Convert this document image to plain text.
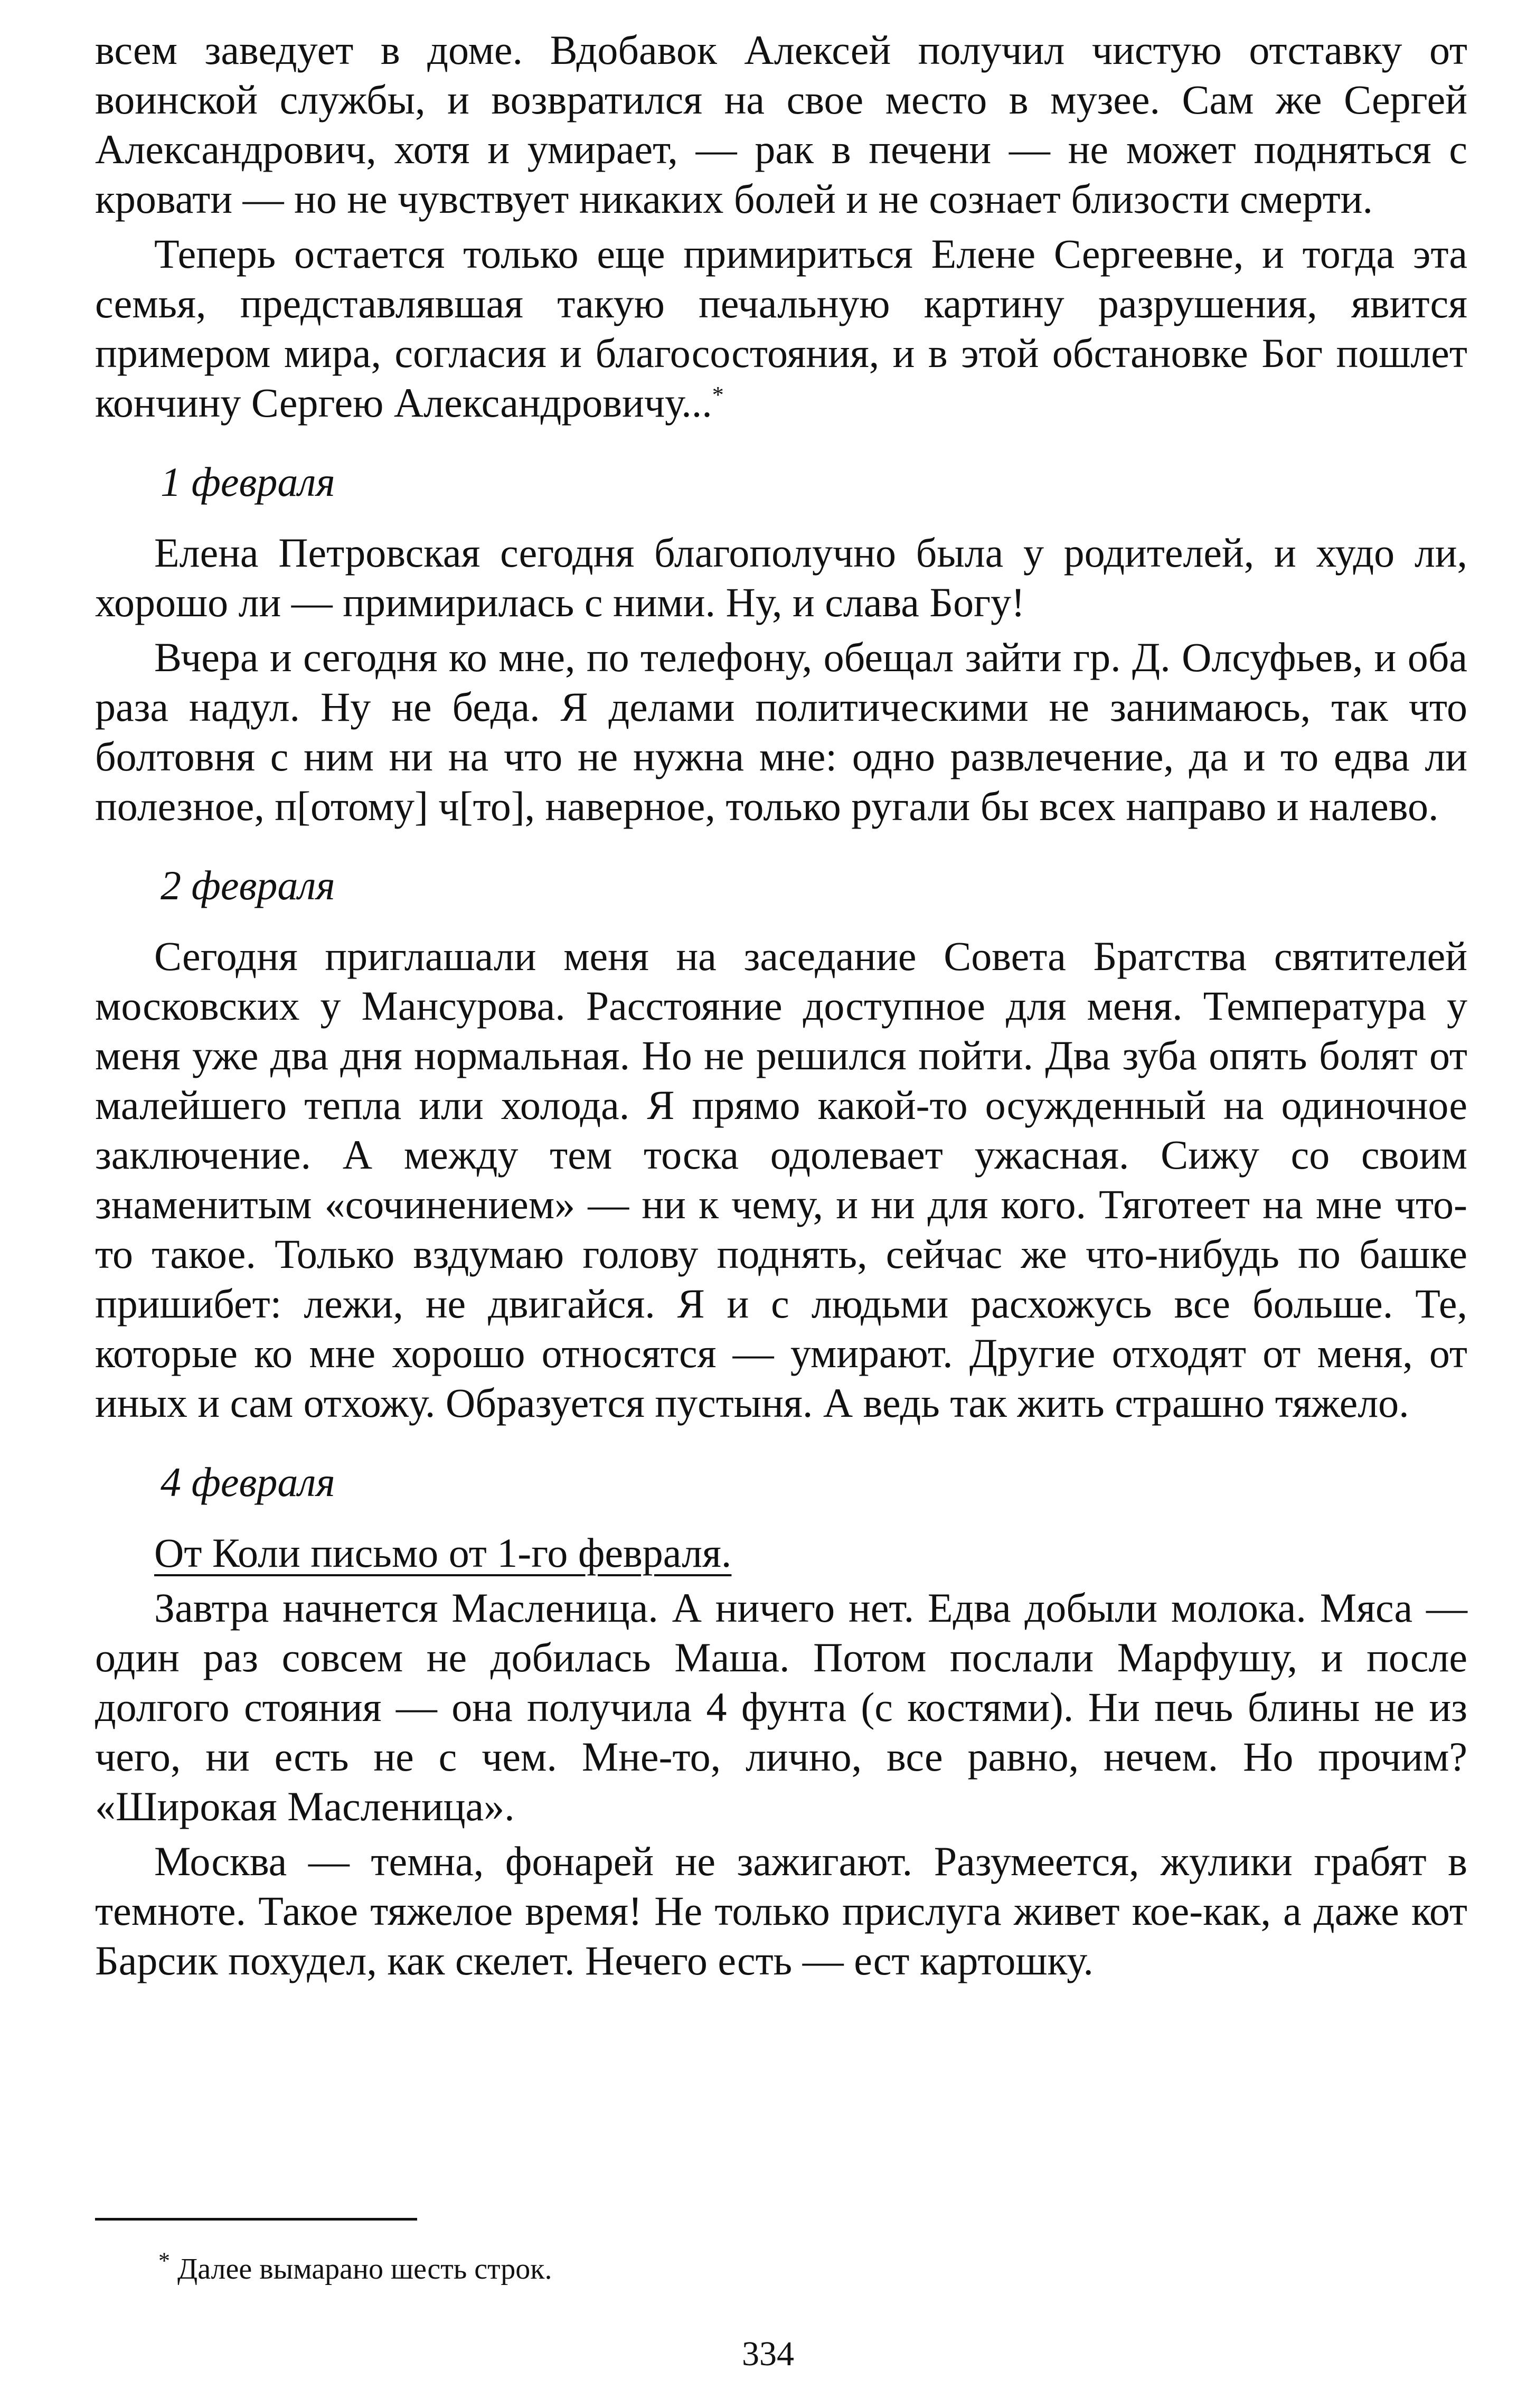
всем заведует в доме. Вдобавок Алексей получил чистую отставку от воинской службы, и возвратился на свое место в музее. Сам же Сергей Александрович, хотя и умирает, — рак в печени — не может подняться с кровати — но не чувствует никаких болей и не сознает близости смерти.

Теперь остается только еще примириться Елене Сергеевне, и тогда эта семья, представлявшая такую печальную картину разрушения, явится примером мира, согласия и благосостояния, и в этой обстановке Бог пошлет кончину Сергею Александровичу...*

1 февраля

Елена Петровская сегодня благополучно была у родителей, и худо ли, хорошо ли — примирилась с ними. Ну, и слава Богу!

Вчера и сегодня ко мне, по телефону, обещал зайти гр. Д. Олсуфьев, и оба раза надул. Ну не беда. Я делами политическими не занимаюсь, так что болтовня с ним ни на что не нужна мне: одно развлечение, да и то едва ли полезное, п[отому] ч[то], наверное, только ругали бы всех направо и налево.

2 февраля

Сегодня приглашали меня на заседание Совета Братства святителей московских у Мансурова. Расстояние доступное для меня. Температура у меня уже два дня нормальная. Но не решился пойти. Два зуба опять болят от малейшего тепла или холода. Я прямо какой-то осужденный на одиночное заключение. А между тем тоска одолевает ужасная. Сижу со своим знаменитым «сочинением» — ни к чему, и ни для кого. Тяготеет на мне что-то такое. Только вздумаю голову поднять, сейчас же что-нибудь по башке пришибет: лежи, не двигайся. Я и с людьми расхожусь все больше. Те, которые ко мне хорошо относятся — умирают. Другие отходят от меня, от иных и сам отхожу. Образуется пустыня. А ведь так жить страшно тяжело.

4 февраля

От Коли письмо от 1-го февраля.

Завтра начнется Масленица. А ничего нет. Едва добыли молока. Мяса — один раз совсем не добилась Маша. Потом послали Марфушу, и после долгого стояния — она получила 4 фунта (с костями). Ни печь блины не из чего, ни есть не с чем. Мне-то, лично, все равно, нечем. Но прочим? «Широкая Масленица».

Москва — темна, фонарей не зажигают. Разумеется, жулики грабят в темноте. Такое тяжелое время! Не только прислуга живет кое-как, а даже кот Барсик похудел, как скелет. Нечего есть — ест картошку.

* Далее вымарано шесть строк.

334
